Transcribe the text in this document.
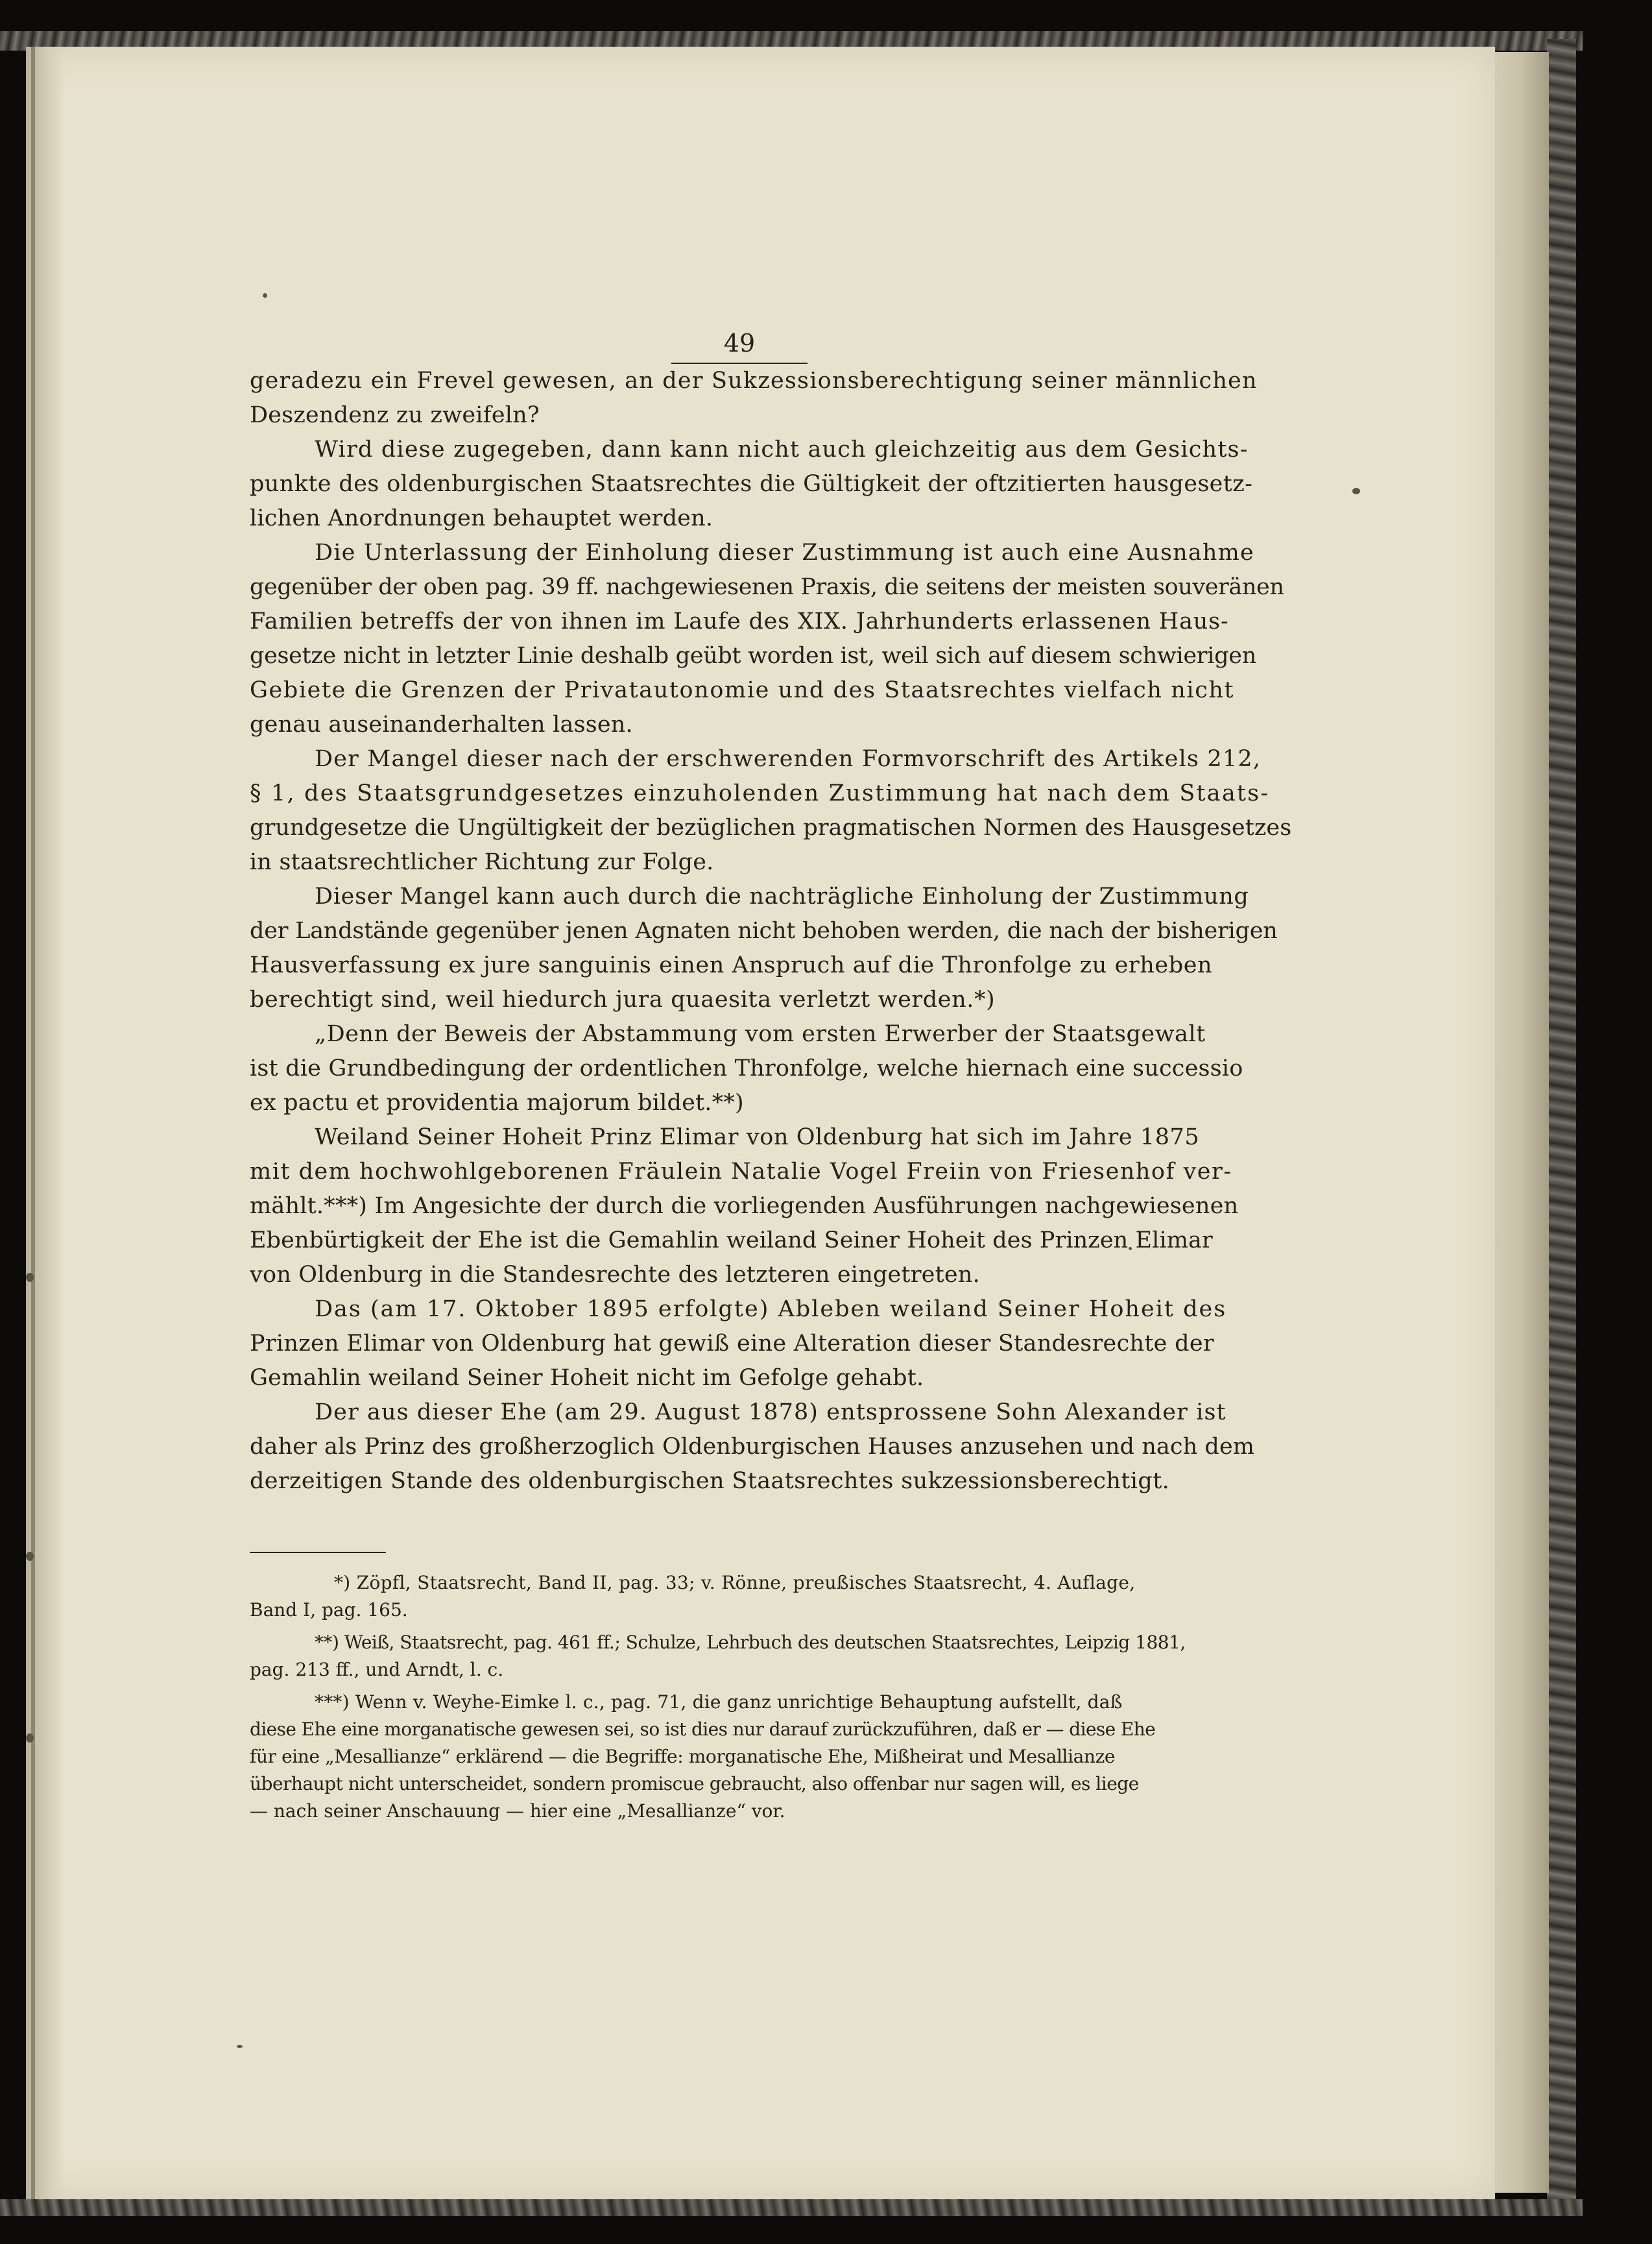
49
geradezu ein Frevel gewesen, an der Sukzessionsberechtigung seiner männlichen
Deszendenz zu zweifeln?
Wird diese zugegeben, dann kann nicht auch gleichzeitig aus dem Gesichts-
punkte des oldenburgischen Staatsrechtes die Gültigkeit der oftzitierten hausgesetz-
lichen Anordnungen behauptet werden.
Die Unterlassung der Einholung dieser Zustimmung ist auch eine Ausnahme
gegenüber der oben pag. 39 ff. nachgewiesenen Praxis, die seitens der meisten souveränen
Familien betreffs der von ihnen im Laufe des XIX. Jahrhunderts erlassenen Haus-
gesetze nicht in letzter Linie deshalb geübt worden ist, weil sich auf diesem schwierigen
Gebiete die Grenzen der Privatautonomie und des Staatsrechtes vielfach nicht
genau auseinanderhalten lassen.
Der Mangel dieser nach der erschwerenden Formvorschrift des Artikels 212,
§ 1, des Staatsgrundgesetzes einzuholenden Zustimmung hat nach dem Staats-
grundgesetze die Ungültigkeit der bezüglichen pragmatischen Normen des Hausgesetzes
in staatsrechtlicher Richtung zur Folge.
Dieser Mangel kann auch durch die nachträgliche Einholung der Zustimmung
der Landstände gegenüber jenen Agnaten nicht behoben werden, die nach der bisherigen
Hausverfassung ex jure sanguinis einen Anspruch auf die Thronfolge zu erheben
berechtigt sind, weil hiedurch jura quaesita verletzt werden.*)
„Denn der Beweis der Abstammung vom ersten Erwerber der Staatsgewalt
ist die Grundbedingung der ordentlichen Thronfolge, welche hiernach eine successio
ex pactu et providentia majorum bildet.**)
Weiland Seiner Hoheit Prinz Elimar von Oldenburg hat sich im Jahre 1875
mit dem hochwohlgeborenen Fräulein Natalie Vogel Freiin von Friesenhof ver-
mählt.***) Im Angesichte der durch die vorliegenden Ausführungen nachgewiesenen
Ebenbürtigkeit der Ehe ist die Gemahlin weiland Seiner Hoheit des Prinzen Elimar
von Oldenburg in die Standesrechte des letzteren eingetreten.
Das (am 17. Oktober 1895 erfolgte) Ableben weiland Seiner Hoheit des
Prinzen Elimar von Oldenburg hat gewiß eine Alteration dieser Standesrechte der
Gemahlin weiland Seiner Hoheit nicht im Gefolge gehabt.
Der aus dieser Ehe (am 29. August 1878) entsprossene Sohn Alexander ist
daher als Prinz des großherzoglich Oldenburgischen Hauses anzusehen und nach dem
derzeitigen Stande des oldenburgischen Staatsrechtes sukzessionsberechtigt.
*) Zöpfl, Staatsrecht, Band II, pag. 33; v. Rönne, preußisches Staatsrecht, 4. Auflage,
Band I, pag. 165.
**) Weiß, Staatsrecht, pag. 461 ff.; Schulze, Lehrbuch des deutschen Staatsrechtes, Leipzig 1881,
pag. 213 ff., und Arndt, l. c.
***) Wenn v. Weyhe-Eimke l. c., pag. 71, die ganz unrichtige Behauptung aufstellt, daß
diese Ehe eine morganatische gewesen sei, so ist dies nur darauf zurückzuführen, daß er — diese Ehe
für eine „Mesallianze“ erklärend — die Begriffe: morganatische Ehe, Mißheirat und Mesallianze
überhaupt nicht unterscheidet, sondern promiscue gebraucht, also offenbar nur sagen will, es liege
— nach seiner Anschauung — hier eine „Mesallianze“ vor.
